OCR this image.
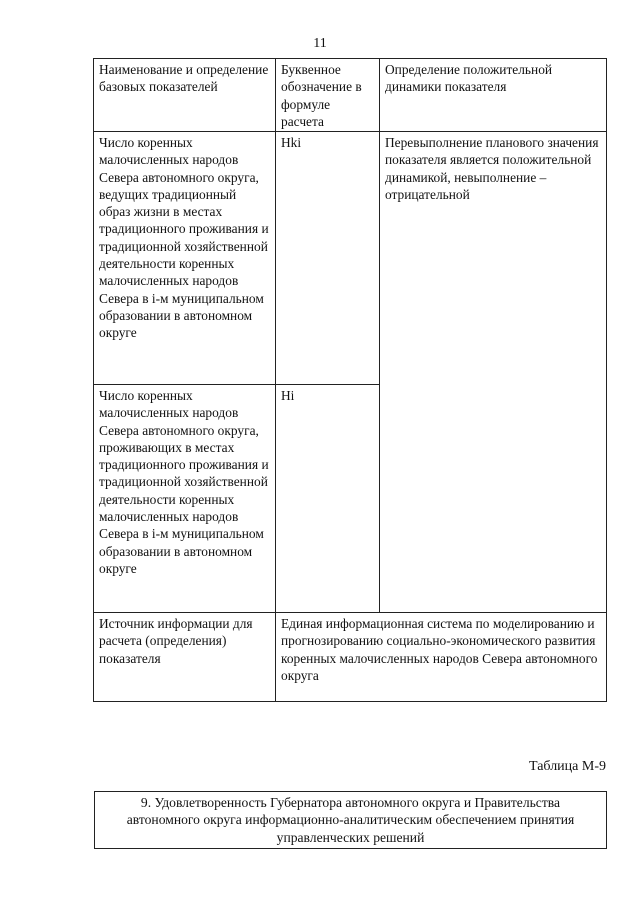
11
Наименование и определение базовых показателей	Буквенное обозначение в формуле расчета	Определение положительной динамики показателя
Число коренных малочисленных народов Севера автономного округа, ведущих традиционный образ жизни в местах традиционного проживания и традиционной хозяйственной деятельности коренных малочисленных народов Севера в i-м муниципальном образовании в автономном округе	Нki	Перевыполнение планового значения показателя является положительной динамикой, невыполнение – отрицательной
Число коренных малочисленных народов Севера автономного округа, проживающих в местах традиционного проживания и традиционной хозяйственной деятельности коренных малочисленных народов Севера в i-м муниципальном образовании в автономном округе	Нi	
Источник информации для расчета (определения) показателя	Единая информационная система по моделированию и прогнозированию социально-экономического развития коренных малочисленных народов Севера автономного округа	
Таблица М-9
9. Удовлетворенность Губернатора автономного округа и Правительства автономного округа информационно-аналитическим обеспечением принятия управленческих решений
